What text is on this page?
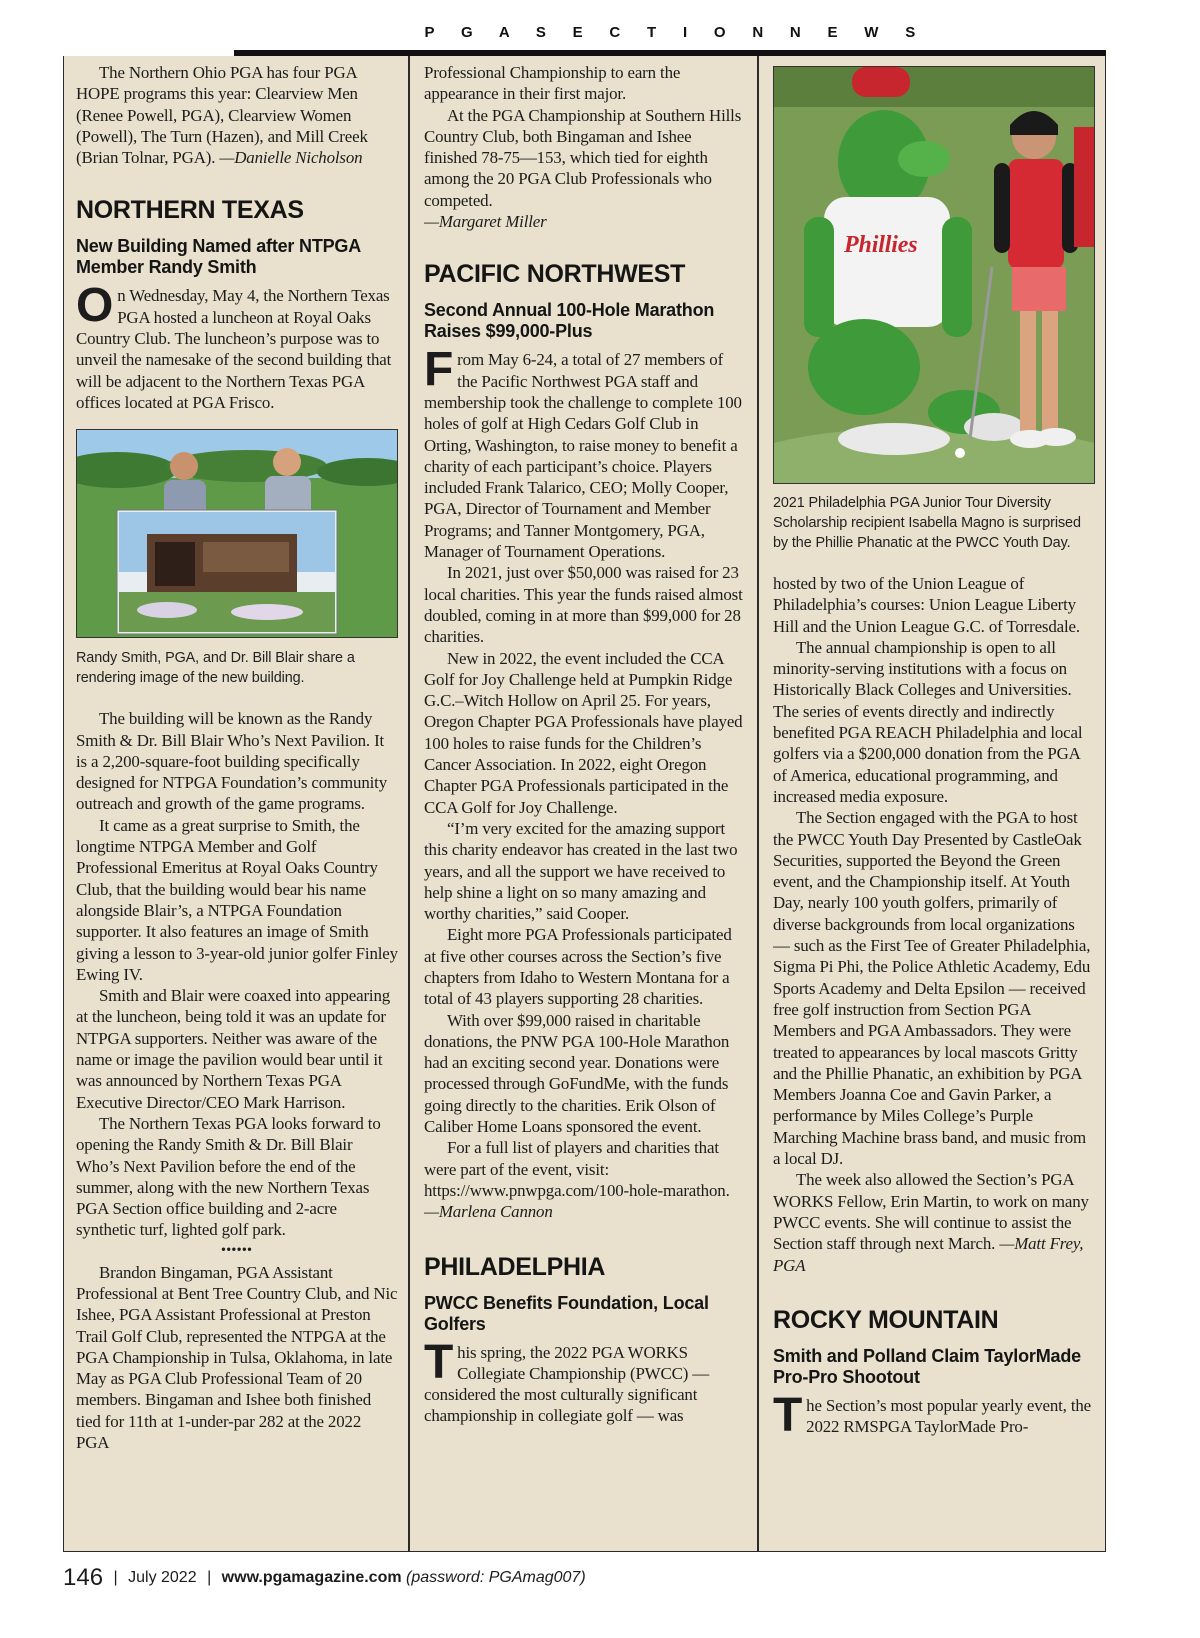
P G A S E C T I O N N E W S

The Northern Ohio PGA has four PGA HOPE programs this year: Clearview Men (Renee Powell, PGA), Clearview Women (Powell), The Turn (Hazen), and Mill Creek (Brian Tolnar, PGA). —Danielle Nicholson

NORTHERN TEXAS
New Building Named after NTPGA Member Randy Smith

On Wednesday, May 4, the Northern Texas PGA hosted a luncheon at Royal Oaks Country Club. The luncheon’s purpose was to unveil the namesake of the second building that will be adjacent to the Northern Texas PGA offices located at PGA Frisco.

Randy Smith, PGA, and Dr. Bill Blair share a rendering image of the new building.

The building will be known as the Randy Smith & Dr. Bill Blair Who’s Next Pavilion. It is a 2,200-square-foot building specifically designed for NTPGA Foundation’s community outreach and growth of the game programs.

It came as a great surprise to Smith, the longtime NTPGA Member and Golf Professional Emeritus at Royal Oaks Country Club, that the building would bear his name alongside Blair’s, a NTPGA Foundation supporter. It also features an image of Smith giving a lesson to 3-year-old junior golfer Finley Ewing IV.

Smith and Blair were coaxed into appearing at the luncheon, being told it was an update for NTPGA supporters. Neither was aware of the name or image the pavilion would bear until it was announced by Northern Texas PGA Executive Director/CEO Mark Harrison.

The Northern Texas PGA looks forward to opening the Randy Smith & Dr. Bill Blair Who’s Next Pavilion before the end of the summer, along with the new Northern Texas PGA Section office building and 2-acre synthetic turf, lighted golf park.

••••••

Brandon Bingaman, PGA Assistant Professional at Bent Tree Country Club, and Nic Ishee, PGA Assistant Professional at Preston Trail Golf Club, represented the NTPGA at the PGA Championship in Tulsa, Oklahoma, in late May as PGA Club Professional Team of 20 members. Bingaman and Ishee both finished tied for 11th at 1-under-par 282 at the 2022 PGA

Professional Championship to earn the appearance in their first major.

At the PGA Championship at Southern Hills Country Club, both Bingaman and Ishee finished 78-75—153, which tied for eighth among the 20 PGA Club Professionals who competed.

—Margaret Miller

PACIFIC NORTHWEST
Second Annual 100-Hole Marathon Raises $99,000-Plus

From May 6-24, a total of 27 members of the Pacific Northwest PGA staff and membership took the challenge to complete 100 holes of golf at High Cedars Golf Club in Orting, Washington, to raise money to benefit a charity of each participant’s choice. Players included Frank Talarico, CEO; Molly Cooper, PGA, Director of Tournament and Member Programs; and Tanner Montgomery, PGA, Manager of Tournament Operations.

In 2021, just over $50,000 was raised for 23 local charities. This year the funds raised almost doubled, coming in at more than $99,000 for 28 charities.

New in 2022, the event included the CCA Golf for Joy Challenge held at Pumpkin Ridge G.C.–Witch Hollow on April 25. For years, Oregon Chapter PGA Professionals have played 100 holes to raise funds for the Children’s Cancer Association. In 2022, eight Oregon Chapter PGA Professionals participated in the CCA Golf for Joy Challenge.

“I’m very excited for the amazing support this charity endeavor has created in the last two years, and all the support we have received to help shine a light on so many amazing and worthy charities,” said Cooper.

Eight more PGA Professionals participated at five other courses across the Section’s five chapters from Idaho to Western Montana for a total of 43 players supporting 28 charities.

With over $99,000 raised in charitable donations, the PNW PGA 100-Hole Marathon had an exciting second year. Donations were processed through GoFundMe, with the funds going directly to the charities. Erik Olson of Caliber Home Loans sponsored the event.

For a full list of players and charities that were part of the event, visit: https://www.pnwpga.com/100-hole-marathon. —Marlena Cannon

PHILADELPHIA
PWCC Benefits Foundation, Local Golfers

This spring, the 2022 PGA WORKS Collegiate Championship (PWCC) — considered the most culturally significant championship in collegiate golf — was

Phillies
2021 Philadelphia PGA Junior Tour Diversity Scholarship recipient Isabella Magno is surprised by the Phillie Phanatic at the PWCC Youth Day.

hosted by two of the Union League of Philadelphia’s courses: Union League Liberty Hill and the Union League G.C. of Torresdale.

The annual championship is open to all minority-serving institutions with a focus on Historically Black Colleges and Universities. The series of events directly and indirectly benefited PGA REACH Philadelphia and local golfers via a $200,000 donation from the PGA of America, educational programming, and increased media exposure.

The Section engaged with the PGA to host the PWCC Youth Day Presented by CastleOak Securities, supported the Beyond the Green event, and the Championship itself. At Youth Day, nearly 100 youth golfers, primarily of diverse backgrounds from local organizations — such as the First Tee of Greater Philadelphia, Sigma Pi Phi, the Police Athletic Academy, Edu Sports Academy and Delta Epsilon — received free golf instruction from Section PGA Members and PGA Ambassadors. They were treated to appearances by local mascots Gritty and the Phillie Phanatic, an exhibition by PGA Members Joanna Coe and Gavin Parker, a performance by Miles College’s Purple Marching Machine brass band, and music from a local DJ.

The week also allowed the Section’s PGA WORKS Fellow, Erin Martin, to work on many PWCC events. She will continue to assist the Section staff through next March. —Matt Frey, PGA

ROCKY MOUNTAIN
Smith and Polland Claim TaylorMade Pro-Pro Shootout

The Section’s most popular yearly event, the 2022 RMSPGA TaylorMade Pro-

146 | July 2022 | www.pgamagazine.com (password: PGAmag007)
